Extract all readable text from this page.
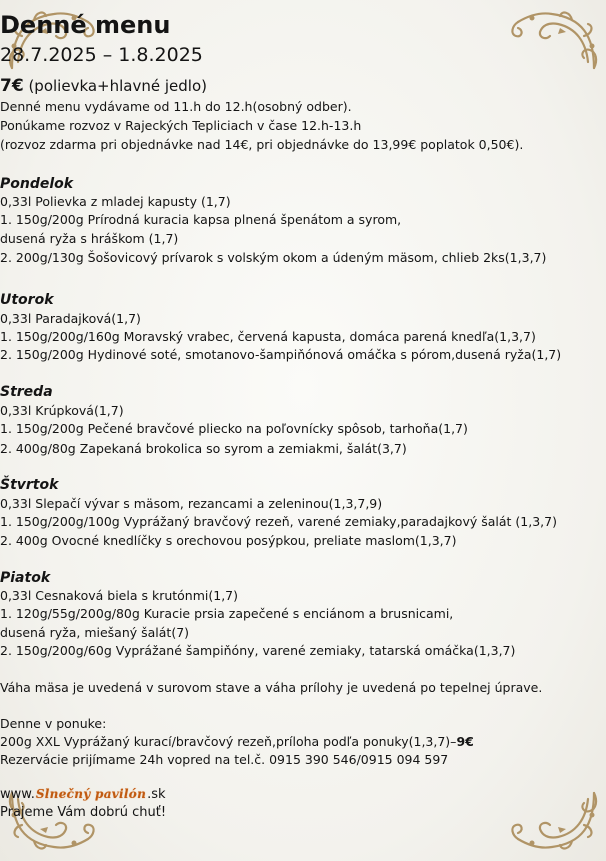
Denné menu
28.7.2025 – 1.8.2025
7€ (polievka+hlavné jedlo)
Denné menu vydávame od 11.h do 12.h(osobný odber).
Ponúkame rozvoz v Rajeckých Tepliciach v čase 12.h-13.h
(rozvoz zdarma pri objednávke nad 14€, pri objednávke do 13,99€ poplatok 0,50€).
Pondelok
0,33l Polievka z mladej kapusty (1,7)
1. 150g/200g Prírodná kuracia kapsa plnená špenátom a syrom,
dusená ryža s hráškom (1,7)
2. 200g/130g Šošovicový prívarok s volským okom a údeným mäsom, chlieb 2ks(1,3,7)
Utorok
0,33l Paradajková(1,7)
1. 150g/200g/160g Moravský vrabec, červená kapusta, domáca parená knedľa(1,3,7)
2. 150g/200g Hydinové soté, smotanovo-šampiňónová omáčka s pórom,dusená ryža(1,7)
Streda
0,33l Krúpková(1,7)
1. 150g/200g Pečené bravčové pliecko na poľovnícky spôsob, tarhoňa(1,7)
2. 400g/80g Zapekaná brokolica so syrom a zemiakmi, šalát(3,7)
Štvrtok
0,33l Slepačí vývar s mäsom, rezancami a zeleninou(1,3,7,9)
1. 150g/200g/100g Vyprážaný bravčový rezeň, varené zemiaky,paradajkový šalát (1,3,7)
2. 400g Ovocné knedlíčky s orechovou posýpkou, preliate maslom(1,3,7)
Piatok
0,33l Cesnaková biela s krutónmi(1,7)
1. 120g/55g/200g/80g Kuracie prsia zapečené s enciánom a brusnicami,
dusená ryža, miešaný šalát(7)
2. 150g/200g/60g Vyprážané šampiňóny, varené zemiaky, tatarská omáčka(1,3,7)
Váha mäsa je uvedená v surovom stave a váha prílohy je uvedená po tepelnej úprave.
Denne v ponuke:
200g XXL Vyprážaný kurací/bravčový rezeň,príloha podľa ponuky(1,3,7)–9€
Rezervácie prijímame 24h vopred na tel.č. 0915 390 546/0915 094 597
www.Slnečný pavilón.sk
Prajeme Vám dobrú chuť!
